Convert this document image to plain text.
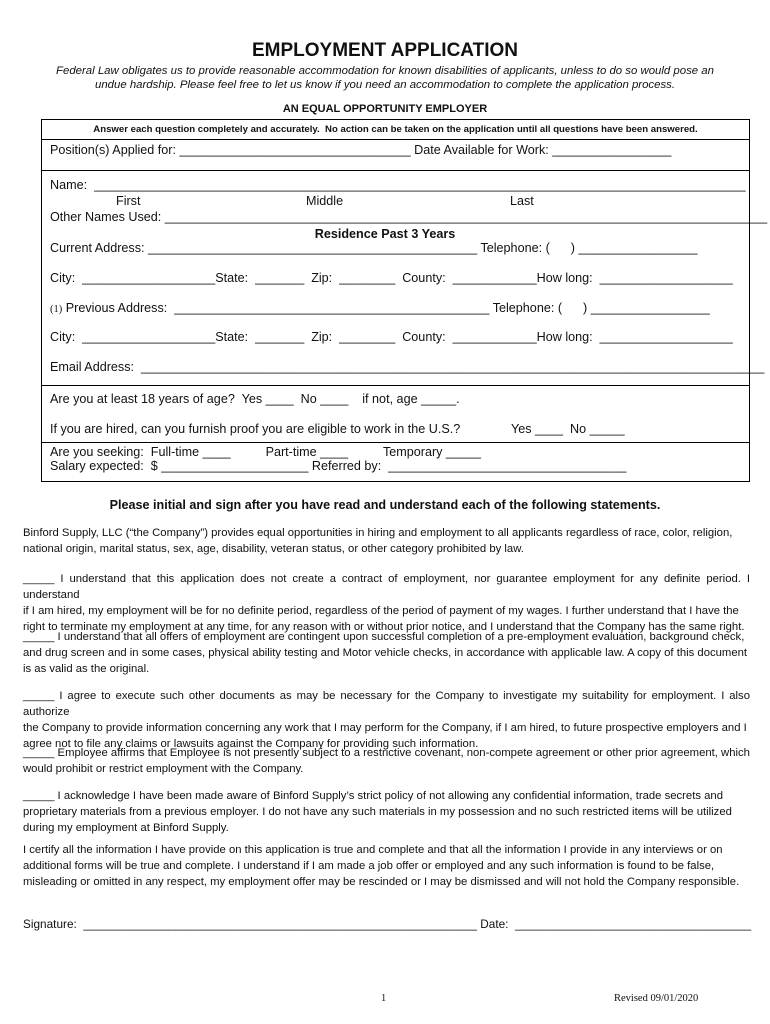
EMPLOYMENT APPLICATION
Federal Law obligates us to provide reasonable accommodation for known disabilities of applicants, unless to do so would pose an
undue hardship. Please feel free to let us know if you need an accommodation to complete the application process.
AN EQUAL OPPORTUNITY EMPLOYER
Answer each question completely and accurately.  No action can be taken on the application until all questions have been answered.
Position(s) Applied for: _________________________________ Date Available for Work: _________________
Name:  _____________________________________________________________________________________________
First	Middle	Last
Other Names Used: ______________________________________________________________________________________
Residence Past 3 Years
Current Address: _______________________________________________ Telephone: (      ) _________________
City:  ___________________State:  _______  Zip:  ________  County:  ____________How long:  ___________________
(1) Previous Address:  _____________________________________________ Telephone: (      ) _________________
City:  ___________________State:  _______  Zip:  ________  County:  ____________How long:  ___________________
Email Address:  _________________________________________________________________________________________
Are you at least 18 years of age?  Yes ____  No ____    if not, age _____.
If you are hired, can you furnish proof you are eligible to work in the U.S.?	Yes ____  No _____
Are you seeking:  Full-time ____          Part-time ____          Temporary _____
Salary expected:  $ _____________________ Referred by:  __________________________________
Please initial and sign after you have read and understand each of the following statements.
Binford Supply, LLC (“the Company”) provides equal opportunities in hiring and employment to all applicants regardless of race, color, religion,
national origin, marital status, sex, age, disability, veteran status, or other category prohibited by law.
_____ I understand that this application does not create a contract of employment, nor guarantee employment for any definite period. I understand
if I am hired, my employment will be for no definite period, regardless of the period of payment of my wages. I further understand that I have the
right to terminate my employment at any time, for any reason with or without prior notice, and I understand that the Company has the same right.
_____ I understand that all offers of employment are contingent upon successful completion of a pre-employment evaluation, background check,
and drug screen and in some cases, physical ability testing and Motor vehicle checks, in accordance with applicable law. A copy of this document
is as valid as the original.
_____ I agree to execute such other documents as may be necessary for the Company to investigate my suitability for employment. I also authorize
the Company to provide information concerning any work that I may perform for the Company, if I am hired, to future prospective employers and I
agree not to file any claims or lawsuits against the Company for providing such information.
_____ Employee affirms that Employee is not presently subject to a restrictive covenant, non-compete agreement or other prior agreement, which
would prohibit or restrict employment with the Company.
_____ I acknowledge I have been made aware of Binford Supply’s strict policy of not allowing any confidential information, trade secrets and
proprietary materials from a previous employer. I do not have any such materials in my possession and no such restricted items will be utilized
during my employment at Binford Supply.
I certify all the information I have provide on this application is true and complete and that all the information I provide in any interviews or on
additional forms will be true and complete. I understand if I am made a job offer or employed and any such information is found to be false,
misleading or omitted in any respect, my employment offer may be rescinded or I may be dismissed and will not hold the Company responsible.
Signature:  ____________________________________________________________ Date:  ____________________________________
1	Revised 09/01/2020
